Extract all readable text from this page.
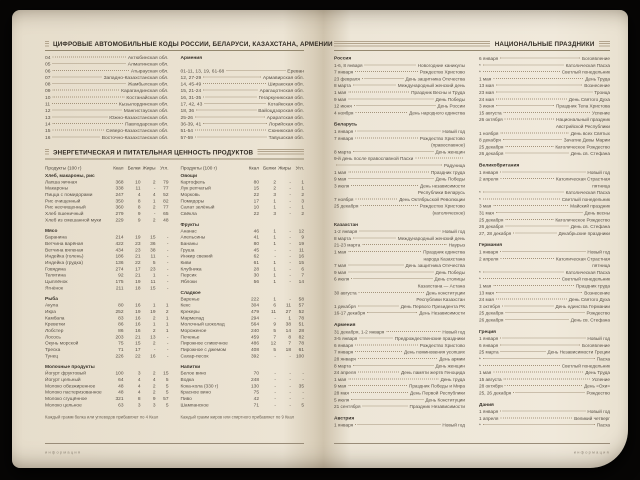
ЦИФРОВЫЕ АВТОМОБИЛЬНЫЕ КОДЫ РОССИИ, БЕЛАРУСИ, КАЗАХСТАНА, АРМЕНИИ
04	Актюбинская обл.
05	Алматинская обл.
06	Атырауская обл.
07	Западно-Казахстанская обл.
08	Жамбылская обл.
09	Карагандинская обл.
10	Костанайская обл.
11	Кызылординская обл.
12	Мангистауская обл.
13	Южно-Казахстанская обл.
14	Павлодарская обл.
15	Северо-Казахстанская обл.
16	Восточно-Казахстанская обл.
Армения

01-11, 13, 19, 61-68	Ереван
12, 27-29	Армавирская обл.
14, 45-49	Ширакская обл.
15, 21-24	Арагацотнская обл.
16, 31-35	Гегаркуникская обл.
17, 42, 43	Котайкская обл.
18, 36	Вайоцдзорская обл.
25-26	Араратская обл.
36-39, 41	Лорийская обл.
51-54	Сюникская обл.
57-59	Тавушская обл.
ЭНЕРГЕТИЧЕСКАЯ И ПИТАТЕЛЬНАЯ ЦЕННОСТЬ ПРОДУКТОВ
Продукты (100 г)	Ккал Белки Жиры Угл.
Хлеб, макароны, рис
Лапша яичная	368	10	2 79
Макароны	338	11	- 77
Пицца с помидорами	247	4	4 52
Рис очищенный	350	8	1 82
Рис неочищенный	360	8	2 77
Хлеб пшеничный	279	9	- 65
Хлеб из смешанной муки	229	9	2 48
Мясо
Баранина	214	19	15	-
Ветчина варёная	422	23	36	-
Ветчина вяленая	434	23	38	-
Индейка (голень)	186	21	11	-
Индейка (грудка)	136	22	5	-
Говядина	274	17	23	-
Телятина	92	21	1	-
Цыплёнок	175	19	11	-
Ягнёнок	211	18	15	-
Рыба
Акула	80	16	1	1
Икра	252	19	19	2
Камбала	83	16	2	1
Креветки	86	16	1	1
Лобстер	86	16	2	1
Лосось	203	21	13	-
Окунь морской	75	15	2	-
Треска	71	17	-	-
Тунец	226	22	16	-
Молочные продукты
Йогурт фруктовый	100	3	2 15
Йогурт цельный	64	4	4	5
Молоко обезжиренное	48	4	2	5
Молоко пастеризованное	48	4	2	5
Молоко сгущённое	321	8	9 57
Молоко цельное	63	3	3	5
Продукты (100 г)	Ккал Белки Жиры Угл.
Овощи
Картофель	80	2	-	1
Лук репчатый	15	2	-	1
Морковь	22	3	-	2
Помидоры	17	1	-	3
Салат зелёный	10	1	-	1
Свёкла	22	3	-	2
Фрукты
Ананас	46	1	- 12
Апельсины	41	1	-	9
Бананы	80	1	- 19
Груша	45	-	- 11
Инжир свежий	62	-	- 16
Киви	61	1	- 15
Клубника	28	1	-	6
Персик	30	1	-	7
Яблоки	56	1	- 14
Сладкое
Варенье	222	1	- 58
Кекс	304	6	11 57
Крекеры	479	11	27 52
Мармелад	294	-	1 78
Молочный шоколад	564	9	38 51
Мороженое	240	5	14 28
Печенье	459	7	8 82
Пирожное сливочное	486	12	7 78
Пирожное с джемом	408	5	18 61
Сахар-песок	392	-	- 100
Напитки
Белое вино	70	-	-	-
Водка	248	-	-	-
Кока-кола (330 г)	130	-	- 35
Красное вино	75	-	-	-
Пиво	42	-	-	-
Шампанское	71	-	-	5
Каждый грамм белка или углеводов прибавляет по 4 Ккал	Каждый грамм жиров или спиртного прибавляет по 9 Ккал
информация
НАЦИОНАЛЬНЫЕ ПРАЗДНИКИ
Россия
1-6, 8 января	Новогодние каникулы
7 января	Рождество Христово
23 февраля	День защитника Отечества
8 марта	Международный женский день
1 мая	Праздник Весны и Труда
9 мая	День Победы
12 июня	День России
4 ноября	День народного единства
Беларусь
1 января	Новый год
7 января	Рождество Христово
(православное)
8 марта	День женщин
9-й день после православной Пасхи
Радуница
1 мая	Праздник труда
9 мая	День Победы
3 июля	День независимости
Республики Беларусь
7 ноября	День Октябрьской Революции
25 декабря	Рождество Христово
(католическое)
Казахстан
1-2 января	Новый год
8 марта	Международный женский день
21-23 марта	Наурыз
1 мая	Праздник единства
народа Казахстана
7 мая	День защитника Отечества
9 мая	День Победы
6 июля	День столицы
Казахстана — Астана
30 августа	День конституции
Республики Казахстан
1 декабря	День Первого Президента РК
16-17 декабря	День Независимости
Армения
31 декабря, 1-2 января	Новый год
3-5 января	Предрождественские праздники
6 января	Рождество Христово
7 января	День поминовения усопших
28 января	День армии
8 марта	День женщин
24 апреля	День памяти жертв Геноцида
1 мая	День труда
9 мая	Праздник Победы и Мира
28 мая	День Первой Республики
5 июля	День Конституции
21 сентября	Праздник Независимости
Австрия
1 января	Новый год
6 января	Богоявление
*	Католическая Пасха
*	Светлый понедельник
1 мая	День Труда
13 мая	Вознесение
23 мая	Троица
24 мая	День Святого Духа
3 июня	Праздник Тела Христова
15 августа	Успение
26 октября	Национальный праздник
Австрийской Республики
1 ноября	День всех Святых
8 декабря	Зачатие Девы Марии
25 декабря	Католическое Рождество
26 декабря	День св. Стефана
Великобритания
1 января	Новый год
2 апреля	Католическая Страстная
пятница
*	Католическая Пасха
*	Светлый понедельник
3 мая	Майский праздник
31 мая	День весны
25 декабря	Католическое Рождество
26 декабря	День св. Стефана
27, 28 декабря	Декабрьские праздники
Германия
1 января	Новый год
2 апреля	Католическая Страстная
пятница
*	Католическая Пасха
*	Светлый понедельник
1 мая	Праздник труда
13 мая	Вознесение
24 мая	День Святого Духа
3 октября	День единства Германии
25 декабря	Рождество
26 декабря	День св. Стефана
Греция
1 января	Новый год
6 января	Богоявление
25 марта	День Независимости Греции
*	Пасха
*	Светлый понедельник
1 мая	День Труда
15 августа	Успение
28 октября	День «Охи»
25, 26 декабря	Рождество
Дания
1 января	Новый год
1 апреля	Великий четверг
*	Пасха
информация
